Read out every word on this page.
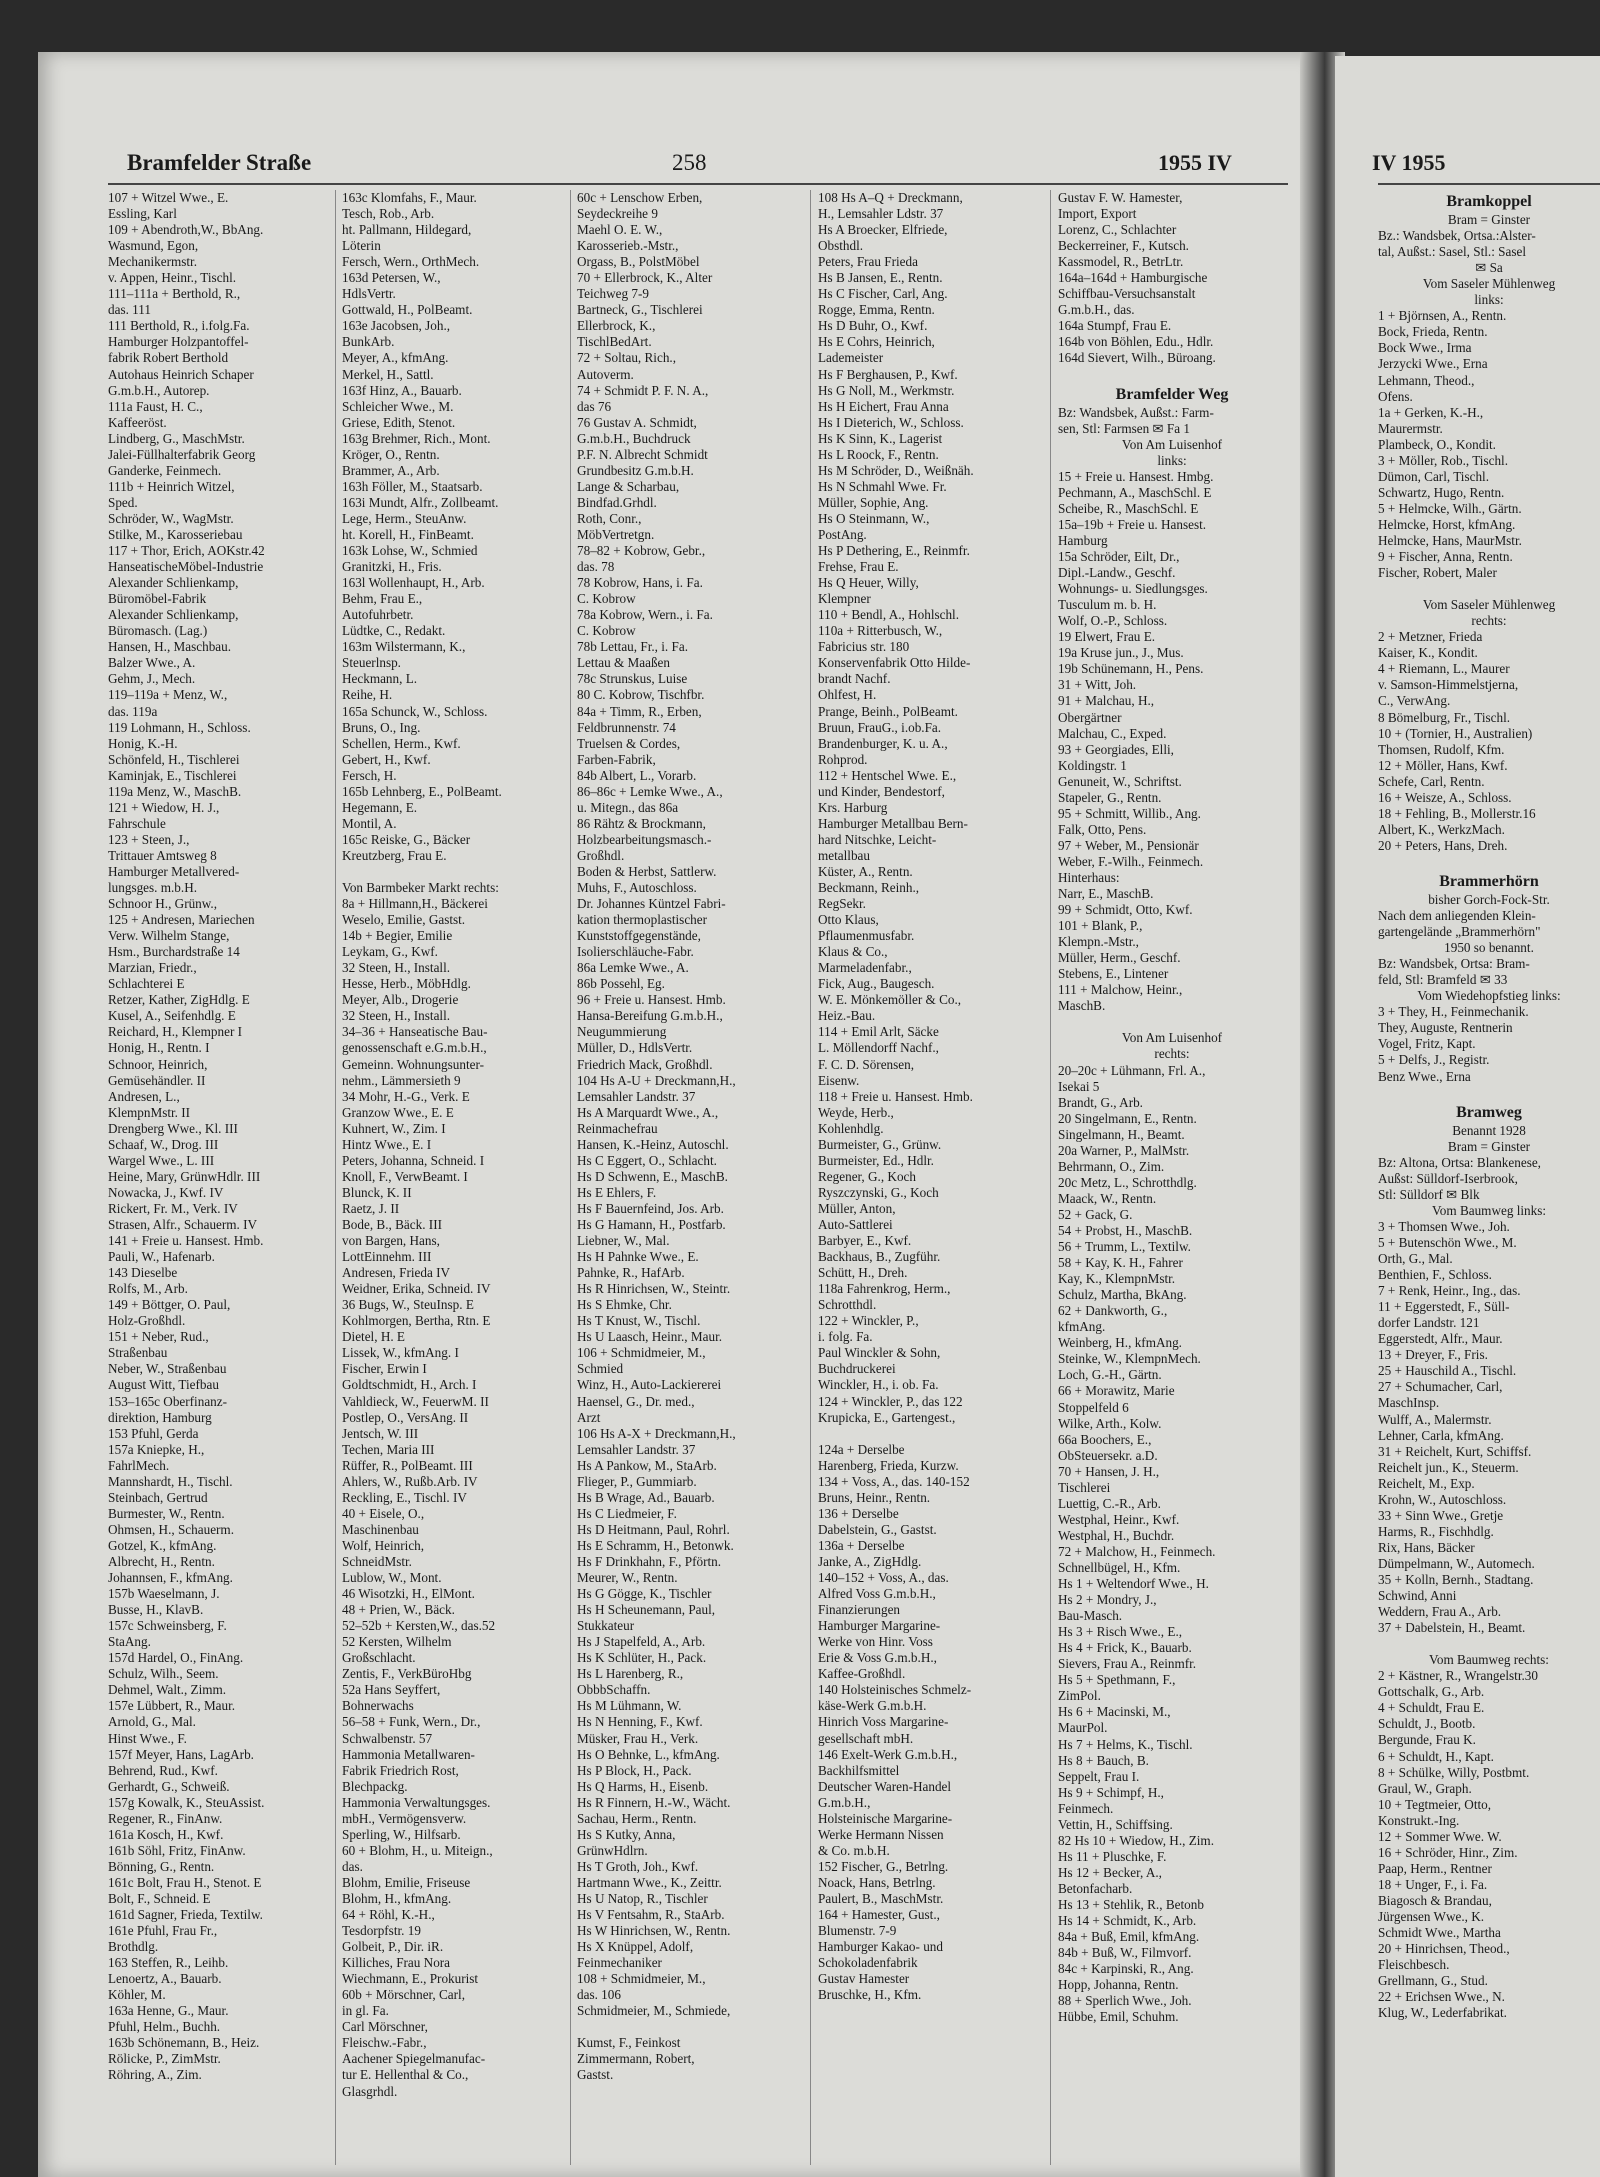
Bramfelder Straße	258	1955 IV	IV 1955
107 + Witzel Wwe., E.
Essling, Karl
109 + Abendroth,W., BbAng.
Wasmund, Egon,
Mechanikermstr.
v. Appen, Heinr., Tischl.
111–111a + Berthold, R.,
das. 111
111 Berthold, R., i.folg.Fa.
Hamburger Holzpantoffel-
fabrik Robert Berthold
Autohaus Heinrich Schaper
G.m.b.H., Autorep.
111a Faust, H. C.,
Kaffeeröst.
Lindberg, G., MaschMstr.
Jalei-Füllhalterfabrik Georg
Ganderke, Feinmech.
111b + Heinrich Witzel,
Sped.
Schröder, W., WagMstr.
Stilke, M., Karosseriebau
117 + Thor, Erich, AOKstr.42
HanseatischeMöbel-Industrie
Alexander Schlienkamp,
Büromöbel-Fabrik
Alexander Schlienkamp,
Büromasch. (Lag.)
Hansen, H., Maschbau.
Balzer Wwe., A.
Gehm, J., Mech.
119–119a + Menz, W.,
das. 119a
119 Lohmann, H., Schloss.
Honig, K.-H.
Schönfeld, H., Tischlerei
Kaminjak, E., Tischlerei
119a Menz, W., MaschB.
121 + Wiedow, H. J.,
Fahrschule
123 + Steen, J.,
Trittauer Amtsweg 8
Hamburger Metallvered-
lungsges. m.b.H.
Schnoor H., Grünw.,
125 + Andresen, Mariechen
Verw. Wilhelm Stange,
Hsm., Burchardstraße 14
Marzian, Friedr.,
Schlachterei E
Retzer, Kather, ZigHdlg. E
Kusel, A., Seifenhdlg. E
Reichard, H., Klempner I
Honig, H., Rentn. I
Schnoor, Heinrich,
Gemüsehändler. II
Andresen, L.,
KlempnMstr. II
Drengberg Wwe., Kl. III
Schaaf, W., Drog. III
Wargel Wwe., L. III
Heine, Mary, GrünwHdlr. III
Nowacka, J., Kwf. IV
Rickert, Fr. M., Verk. IV
Strasen, Alfr., Schauerm. IV
141 + Freie u. Hansest. Hmb.
Pauli, W., Hafenarb.
143 Dieselbe
Rolfs, M., Arb.
149 + Böttger, O. Paul,
Holz-Großhdl.
151 + Neber, Rud.,
Straßenbau
Neber, W., Straßenbau
August Witt, Tiefbau
153–165c Oberfinanz-
direktion, Hamburg
153 Pfuhl, Gerda
157a Kniepke, H.,
FahrlMech.
Mannshardt, H., Tischl.
Steinbach, Gertrud
Burmester, W., Rentn.
Ohmsen, H., Schauerm.
Gotzel, K., kfmAng.
Albrecht, H., Rentn.
Johannsen, F., kfmAng.
157b Waeselmann, J.
Busse, H., KlavB.
157c Schweinsberg, F.
StaAng.
157d Hardel, O., FinAng.
Schulz, Wilh., Seem.
Dehmel, Walt., Zimm.
157e Lübbert, R., Maur.
Arnold, G., Mal.
Hinst Wwe., F.
157f Meyer, Hans, LagArb.
Behrend, Rud., Kwf.
Gerhardt, G., Schweiß.
157g Kowalk, K., SteuAssist.
Regener, R., FinAnw.
161a Kosch, H., Kwf.
161b Söhl, Fritz, FinAnw.
Bönning, G., Rentn.
161c Bolt, Frau H., Stenot. E
Bolt, F., Schneid. E
161d Sagner, Frieda, Textilw.
161e Pfuhl, Frau Fr.,
Brothdlg.
163 Steffen, R., Leihb.
Lenoertz, A., Bauarb.
Köhler, M.
163a Henne, G., Maur.
Pfuhl, Helm., Buchh.
163b Schönemann, B., Heiz.
Rölicke, P., ZimMstr.
Röhring, A., Zim.
163c Klomfahs, F., Maur.
Tesch, Rob., Arb.
ht. Pallmann, Hildegard,
Löterin
Fersch, Wern., OrthMech.
163d Petersen, W.,
HdlsVertr.
Gottwald, H., PolBeamt.
163e Jacobsen, Joh.,
BunkArb.
Meyer, A., kfmAng.
Merkel, H., Sattl.
163f Hinz, A., Bauarb.
Schleicher Wwe., M.
Griese, Edith, Stenot.
163g Brehmer, Rich., Mont.
Kröger, O., Rentn.
Brammer, A., Arb.
163h Föller, M., Staatsarb.
163i Mundt, Alfr., Zollbeamt.
Lege, Herm., SteuAnw.
ht. Korell, H., FinBeamt.
163k Lohse, W., Schmied
Granitzki, H., Fris.
163l Wollenhaupt, H., Arb.
Behm, Frau E.,
Autofuhrbetr.
Lüdtke, C., Redakt.
163m Wilstermann, K.,
Steuerlnsp.
Heckmann, L.
Reihe, H.
165a Schunck, W., Schloss.
Bruns, O., Ing.
Schellen, Herm., Kwf.
Gebert, H., Kwf.
Fersch, H.
165b Lehnberg, E., PolBeamt.
Hegemann, E.
Montil, A.
165c Reiske, G., Bäcker
Kreutzberg, Frau E.

Von Barmbeker Markt rechts:
8a + Hillmann,H., Bäckerei
Weselo, Emilie, Gastst.
14b + Begier, Emilie
Leykam, G., Kwf.
32 Steen, H., Install.
Hesse, Herb., MöbHdlg.
Meyer, Alb., Drogerie
32 Steen, H., Install.
34–36 + Hanseatische Bau-
genossenschaft e.G.m.b.H.,
Gemeinn. Wohnungsunter-
nehm., Lämmersieth 9
34 Mohr, H.-G., Verk. E
Granzow Wwe., E. E
Kuhnert, W., Zim. I
Hintz Wwe., E. I
Peters, Johanna, Schneid. I
Knoll, F., VerwBeamt. I
Blunck, K. II
Raetz, J. II
Bode, B., Bäck. III
von Bargen, Hans,
LottEinnehm. III
Andresen, Frieda IV
Weidner, Erika, Schneid. IV
36 Bugs, W., SteuInsp. E
Kohlmorgen, Bertha, Rtn. E
Dietel, H. E
Lissek, W., kfmAng. I
Fischer, Erwin I
Goldtschmidt, H., Arch. I
Vahldieck, W., FeuerwM. II
Postlep, O., VersAng. II
Jentsch, W. III
Techen, Maria III
Rüffer, R., PolBeamt. III
Ahlers, W., Rußb.Arb. IV
Reckling, E., Tischl. IV
40 + Eisele, O.,
Maschinenbau
Wolf, Heinrich,
SchneidMstr.
Lublow, W., Mont.
46 Wisotzki, H., ElMont.
48 + Prien, W., Bäck.
52–52b + Kersten,W., das.52
52 Kersten, Wilhelm
Großschlacht.
Zentis, F., VerkBüroHbg
52a Hans Seyffert,
Bohnerwachs
56–58 + Funk, Wern., Dr.,
Schwalbenstr. 57
Hammonia Metallwaren-
Fabrik Friedrich Rost,
Blechpackg.
Hammonia Verwaltungsges.
mbH., Vermögensverw.
Sperling, W., Hilfsarb.
60 + Blohm, H., u. Miteign.,
das.
Blohm, Emilie, Friseuse
Blohm, H., kfmAng.
64 + Röhl, K.-H.,
Tesdorpfstr. 19
Golbeit, P., Dir. iR.
Killiches, Frau Nora
Wiechmann, E., Prokurist
60b + Mörschner, Carl,
in gl. Fa.
Carl Mörschner,
Fleischw.-Fabr.,
Aachener Spiegelmanufac-
tur E. Hellenthal & Co.,
Glasgrhdl.
60c + Lenschow Erben,
Seydeckreihe 9
Maehl O. E. W.,
Karosserieb.-Mstr.,
Orgass, B., PolstMöbel
70 + Ellerbrock, K., Alter
Teichweg 7-9
Bartneck, G., Tischlerei
Ellerbrock, K.,
TischlBedArt.
72 + Soltau, Rich.,
Autoverm.
74 + Schmidt P. F. N. A.,
das 76
76 Gustav A. Schmidt,
G.m.b.H., Buchdruck
P.F. N. Albrecht Schmidt
Grundbesitz G.m.b.H.
Lange & Scharbau,
Bindfad.Grhdl.
Roth, Conr.,
MöbVertretgn.
78–82 + Kobrow, Gebr.,
das. 78
78 Kobrow, Hans, i. Fa.
C. Kobrow
78a Kobrow, Wern., i. Fa.
C. Kobrow
78b Lettau, Fr., i. Fa.
Lettau & Maaßen
78c Strunskus, Luise
80 C. Kobrow, Tischfbr.
84a + Timm, R., Erben,
Feldbrunnenstr. 74
Truelsen & Cordes,
Farben-Fabrik,
84b Albert, L., Vorarb.
86–86c + Lemke Wwe., A.,
u. Mitegn., das 86a
86 Rähtz & Brockmann,
Holzbearbeitungsmasch.-
Großhdl.
Boden & Herbst, Sattlerw.
Muhs, F., Autoschloss.
Dr. Johannes Küntzel Fabri-
kation thermoplastischer
Kunststoffgegenstände,
Isolierschläuche-Fabr.
86a Lemke Wwe., A.
86b Possehl, Eg.
96 + Freie u. Hansest. Hmb.
Hansa-Bereifung G.m.b.H.,
Neugummierung
Müller, D., HdlsVertr.
Friedrich Mack, Großhdl.
104 Hs A-U + Dreckmann,H.,
Lemsahler Landstr. 37
Hs A Marquardt Wwe., A.,
Reinmachefrau
Hansen, K.-Heinz, Autoschl.
Hs C Eggert, O., Schlacht.
Hs D Schwenn, E., MaschB.
Hs E Ehlers, F.
Hs F Bauernfeind, Jos. Arb.
Hs G Hamann, H., Postfarb.
Liebner, W., Mal.
Hs H Pahnke Wwe., E.
Pahnke, R., HafArb.
Hs R Hinrichsen, W., Steintr.
Hs S Ehmke, Chr.
Hs T Knust, W., Tischl.
Hs U Laasch, Heinr., Maur.
106 + Schmidmeier, M.,
Schmied
Winz, H., Auto-Lackiererei
Haensel, G., Dr. med.,
Arzt
106 Hs A-X + Dreckmann,H.,
Lemsahler Landstr. 37
Hs A Pankow, M., StaArb.
Flieger, P., Gummiarb.
Hs B Wrage, Ad., Bauarb.
Hs C Liedmeier, F.
Hs D Heitmann, Paul, Rohrl.
Hs E Schramm, H., Betonwk.
Hs F Drinkhahn, F., Pförtn.
Meurer, W., Rentn.
Hs G Gögge, K., Tischler
Hs H Scheunemann, Paul,
Stukkateur
Hs J Stapelfeld, A., Arb.
Hs K Schlüter, H., Pack.
Hs L Harenberg, R.,
ObbbSchaffn.
Hs M Lühmann, W.
Hs N Henning, F., Kwf.
Müsker, Frau H., Verk.
Hs O Behnke, L., kfmAng.
Hs P Block, H., Pack.
Hs Q Harms, H., Eisenb.
Hs R Finnern, H.-W., Wächt.
Sachau, Herm., Rentn.
Hs S Kutky, Anna,
GrünwHdlrn.
Hs T Groth, Joh., Kwf.
Hartmann Wwe., K., Zeittr.
Hs U Natop, R., Tischler
Hs V Fentsahm, R., StaArb.
Hs W Hinrichsen, W., Rentn.
Hs X Knüppel, Adolf,
Feinmechaniker
108 + Schmidmeier, M.,
das. 106
Schmidmeier, M., Schmiede,

Kumst, F., Feinkost
Zimmermann, Robert,
Gastst.
108 Hs A–Q + Dreckmann,
H., Lemsahler Ldstr. 37
Hs A Broecker, Elfriede,
Obsthdl.
Peters, Frau Frieda
Hs B Jansen, E., Rentn.
Hs C Fischer, Carl, Ang.
Rogge, Emma, Rentn.
Hs D Buhr, O., Kwf.
Hs E Cohrs, Heinrich,
Lademeister
Hs F Berghausen, P., Kwf.
Hs G Noll, M., Werkmstr.
Hs H Eichert, Frau Anna
Hs I Dieterich, W., Schloss.
Hs K Sinn, K., Lagerist
Hs L Roock, F., Rentn.
Hs M Schröder, D., Weißnäh.
Hs N Schmahl Wwe. Fr.
Müller, Sophie, Ang.
Hs O Steinmann, W.,
PostAng.
Hs P Dethering, E., Reinmfr.
Frehse, Frau E.
Hs Q Heuer, Willy,
Klempner
110 + Bendl, A., Hohlschl.
110a + Ritterbusch, W.,
Fabricius str. 180
Konservenfabrik Otto Hilde-
brandt Nachf.
Ohlfest, H.
Prange, Beinh., PolBeamt.
Bruun, FrauG., i.ob.Fa.
Brandenburger, K. u. A.,
Rohprod.
112 + Hentschel Wwe. E.,
und Kinder, Bendestorf,
Krs. Harburg
Hamburger Metallbau Bern-
hard Nitschke, Leicht-
metallbau
Küster, A., Rentn.
Beckmann, Reinh.,
RegSekr.
Otto Klaus,
Pflaumenmusfabr.
Klaus & Co.,
Marmeladenfabr.,
Fick, Aug., Baugesch.
W. E. Mönkemöller & Co.,
Heiz.-Bau.
114 + Emil Arlt, Säcke
L. Möllendorff Nachf.,
F. C. D. Sörensen,
Eisenw.
118 + Freie u. Hansest. Hmb.
Weyde, Herb.,
Kohlenhdlg.
Burmeister, G., Grünw.
Burmeister, Ed., Hdlr.
Regener, G., Koch
Ryszczynski, G., Koch
Müller, Anton,
Auto-Sattlerei
Barbyer, E., Kwf.
Backhaus, B., Zugführ.
Schütt, H., Dreh.
118a Fahrenkrog, Herm.,
Schrotthdl.
122 + Winckler, P.,
i. folg. Fa.
Paul Winckler & Sohn,
Buchdruckerei
Winckler, H., i. ob. Fa.
124 + Winckler, P., das 122
Krupicka, E., Gartengest.,

124a + Derselbe
Harenberg, Frieda, Kurzw.
134 + Voss, A., das. 140-152
Bruns, Heinr., Rentn.
136 + Derselbe
Dabelstein, G., Gastst.
136a + Derselbe
Janke, A., ZigHdlg.
140–152 + Voss, A., das.
Alfred Voss G.m.b.H.,
Finanzierungen
Hamburger Margarine-
Werke von Hinr. Voss
Erie & Voss G.m.b.H.,
Kaffee-Großhdl.
140 Holsteinisches Schmelz-
käse-Werk G.m.b.H.
Hinrich Voss Margarine-
gesellschaft mbH.
146 Exelt-Werk G.m.b.H.,
Backhilfsmittel
Deutscher Waren-Handel
G.m.b.H.,
Holsteinische Margarine-
Werke Hermann Nissen
& Co. m.b.H.
152 Fischer, G., Betrlng.
Noack, Hans, Betrlng.
Paulert, B., MaschMstr.
164 + Hamester, Gust.,
Blumenstr. 7-9
Hamburger Kakao- und
Schokoladenfabrik
Gustav Hamester
Bruschke, H., Kfm.
Gustav F. W. Hamester,
Import, Export
Lorenz, C., Schlachter
Beckerreiner, F., Kutsch.
Kassmodel, R., BetrLtr.
164a–164d + Hamburgische
Schiffbau-Versuchsanstalt
G.m.b.H., das.
164a Stumpf, Frau E.
164b von Böhlen, Edu., Hdlr.
164d Sievert, Wilh., Büroang.

Bramfelder Weg
Bz: Wandsbek, Außst.: Farm-
sen, Stl: Farmsen ✉ Fa 1
Von Am Luisenhof
links:
15 + Freie u. Hansest. Hmbg.
Pechmann, A., MaschSchl. E
Scheibe, R., MaschSchl. E
15a–19b + Freie u. Hansest.
Hamburg
15a Schröder, Eilt, Dr.,
Dipl.-Landw., Geschf.
Wohnungs- u. Siedlungsges.
Tusculum m. b. H.
Wolf, O.-P., Schloss.
19 Elwert, Frau E.
19a Kruse jun., J., Mus.
19b Schünemann, H., Pens.
31 + Witt, Joh.
91 + Malchau, H.,
Obergärtner
Malchau, C., Exped.
93 + Georgiades, Elli,
Koldingstr. 1
Genuneit, W., Schriftst.
Stapeler, G., Rentn.
95 + Schmitt, Willib., Ang.
Falk, Otto, Pens.
97 + Weber, M., Pensionär
Weber, F.-Wilh., Feinmech.
Hinterhaus:
Narr, E., MaschB.
99 + Schmidt, Otto, Kwf.
101 + Blank, P.,
Klempn.-Mstr.,
Müller, Herm., Geschf.
Stebens, E., Lintener
111 + Malchow, Heinr.,
MaschB.

Von Am Luisenhof
rechts:
20–20c + Lühmann, Frl. A.,
Isekai 5
Brandt, G., Arb.
20 Singelmann, E., Rentn.
Singelmann, H., Beamt.
20a Warner, P., MalMstr.
Behrmann, O., Zim.
20c Metz, L., Schrotthdlg.
Maack, W., Rentn.
52 + Gack, G.
54 + Probst, H., MaschB.
56 + Trumm, L., Textilw.
58 + Kay, K. H., Fahrer
Kay, K., KlempnMstr.
Schulz, Martha, BkAng.
62 + Dankworth, G.,
kfmAng.
Weinberg, H., kfmAng.
Steinke, W., KlempnMech.
Loch, G.-H., Gärtn.
66 + Morawitz, Marie
Stoppelfeld 6
Wilke, Arth., Kolw.
66a Boochers, E.,
ObSteuersekr. a.D.
70 + Hansen, J. H.,
Tischlerei
Luettig, C.-R., Arb.
Westphal, Heinr., Kwf.
Westphal, H., Buchdr.
72 + Malchow, H., Feinmech.
Schnellbügel, H., Kfm.
Hs 1 + Weltendorf Wwe., H.
Hs 2 + Mondry, J.,
Bau-Masch.
Hs 3 + Risch Wwe., E.,
Hs 4 + Frick, K., Bauarb.
Sievers, Frau A., Reinmfr.
Hs 5 + Spethmann, F.,
ZimPol.
Hs 6 + Macinski, M.,
MaurPol.
Hs 7 + Helms, K., Tischl.
Hs 8 + Bauch, B.
Seppelt, Frau I.
Hs 9 + Schimpf, H.,
Feinmech.
Vettin, H., Schiffsing.
82 Hs 10 + Wiedow, H., Zim.
Hs 11 + Pluschke, F.
Hs 12 + Becker, A.,
Betonfacharb.
Hs 13 + Stehlik, R., Betonb
Hs 14 + Schmidt, K., Arb.
84a + Buß, Emil, kfmAng.
84b + Buß, W., Filmvorf.
84c + Karpinski, R., Ang.
Hopp, Johanna, Rentn.
88 + Sperlich Wwe., Joh.
Hübbe, Emil, Schuhm.
Bramkoppel
Bram = Ginster
Bz.: Wandsbek, Ortsa.:Alster-
tal, Außst.: Sasel, Stl.: Sasel
✉ Sa
Vom Saseler Mühlenweg
links:
1 + Björnsen, A., Rentn.
Bock, Frieda, Rentn.
Bock Wwe., Irma
Jerzycki Wwe., Erna
Lehmann, Theod.,
Ofens.
1a + Gerken, K.-H.,
Maurermstr.
Plambeck, O., Kondit.
3 + Möller, Rob., Tischl.
Dümon, Carl, Tischl.
Schwartz, Hugo, Rentn.
5 + Helmcke, Wilh., Gärtn.
Helmcke, Horst, kfmAng.
Helmcke, Hans, MaurMstr.
9 + Fischer, Anna, Rentn.
Fischer, Robert, Maler

Vom Saseler Mühlenweg
rechts:
2 + Metzner, Frieda
Kaiser, K., Kondit.
4 + Riemann, L., Maurer
v. Samson-Himmelstjerna,
C., VerwAng.
8 Bömelburg, Fr., Tischl.
10 + (Tornier, H., Australien)
Thomsen, Rudolf, Kfm.
12 + Möller, Hans, Kwf.
Schefe, Carl, Rentn.
16 + Weisze, A., Schloss.
18 + Fehling, B., Mollerstr.16
Albert, K., WerkzMach.
20 + Peters, Hans, Dreh.

Brammerhörn
bisher Gorch-Fock-Str.
Nach dem anliegenden Klein-
gartengelände „Brammerhörn"
1950 so benannt.
Bz: Wandsbek, Ortsa: Bram-
feld, Stl: Bramfeld ✉ 33
Vom Wiedehopfstieg links:
3 + They, H., Feinmechanik.
They, Auguste, Rentnerin
Vogel, Fritz, Kapt.
5 + Delfs, J., Registr.
Benz Wwe., Erna

Bramweg
Benannt 1928
Bram = Ginster
Bz: Altona, Ortsa: Blankenese,
Außst: Sülldorf-Iserbrook,
Stl: Sülldorf ✉ Blk
Vom Baumweg links:
3 + Thomsen Wwe., Joh.
5 + Butenschön Wwe., M.
Orth, G., Mal.
Benthien, F., Schloss.
7 + Renk, Heinr., Ing., das.
11 + Eggerstedt, F., Süll-
dorfer Landstr. 121
Eggerstedt, Alfr., Maur.
13 + Dreyer, F., Fris.
25 + Hauschild A., Tischl.
27 + Schumacher, Carl,
MaschInsp.
Wulff, A., Malermstr.
Lehner, Carla, kfmAng.
31 + Reichelt, Kurt, Schiffsf.
Reichelt jun., K., Steuerm.
Reichelt, M., Exp.
Krohn, W., Autoschloss.
33 + Sinn Wwe., Gretje
Harms, R., Fischhdlg.
Rix, Hans, Bäcker
Dümpelmann, W., Automech.
35 + Kolln, Bernh., Stadtang.
Schwind, Anni
Weddern, Frau A., Arb.
37 + Dabelstein, H., Beamt.

Vom Baumweg rechts:
2 + Kästner, R., Wrangelstr.30
Gottschalk, G., Arb.
4 + Schuldt, Frau E.
Schuldt, J., Bootb.
Bergunde, Frau K.
6 + Schuldt, H., Kapt.
8 + Schülke, Willy, Postbmt.
Graul, W., Graph.
10 + Tegtmeier, Otto,
Konstrukt.-Ing.
12 + Sommer Wwe. W.
16 + Schröder, Hinr., Zim.
Paap, Herm., Rentner
18 + Unger, F., i. Fa.
Biagosch & Brandau,
Jürgensen Wwe., K.
Schmidt Wwe., Martha
20 + Hinrichsen, Theod.,
Fleischbesch.
Grellmann, G., Stud.
22 + Erichsen Wwe., N.
Klug, W., Lederfabrikat.
